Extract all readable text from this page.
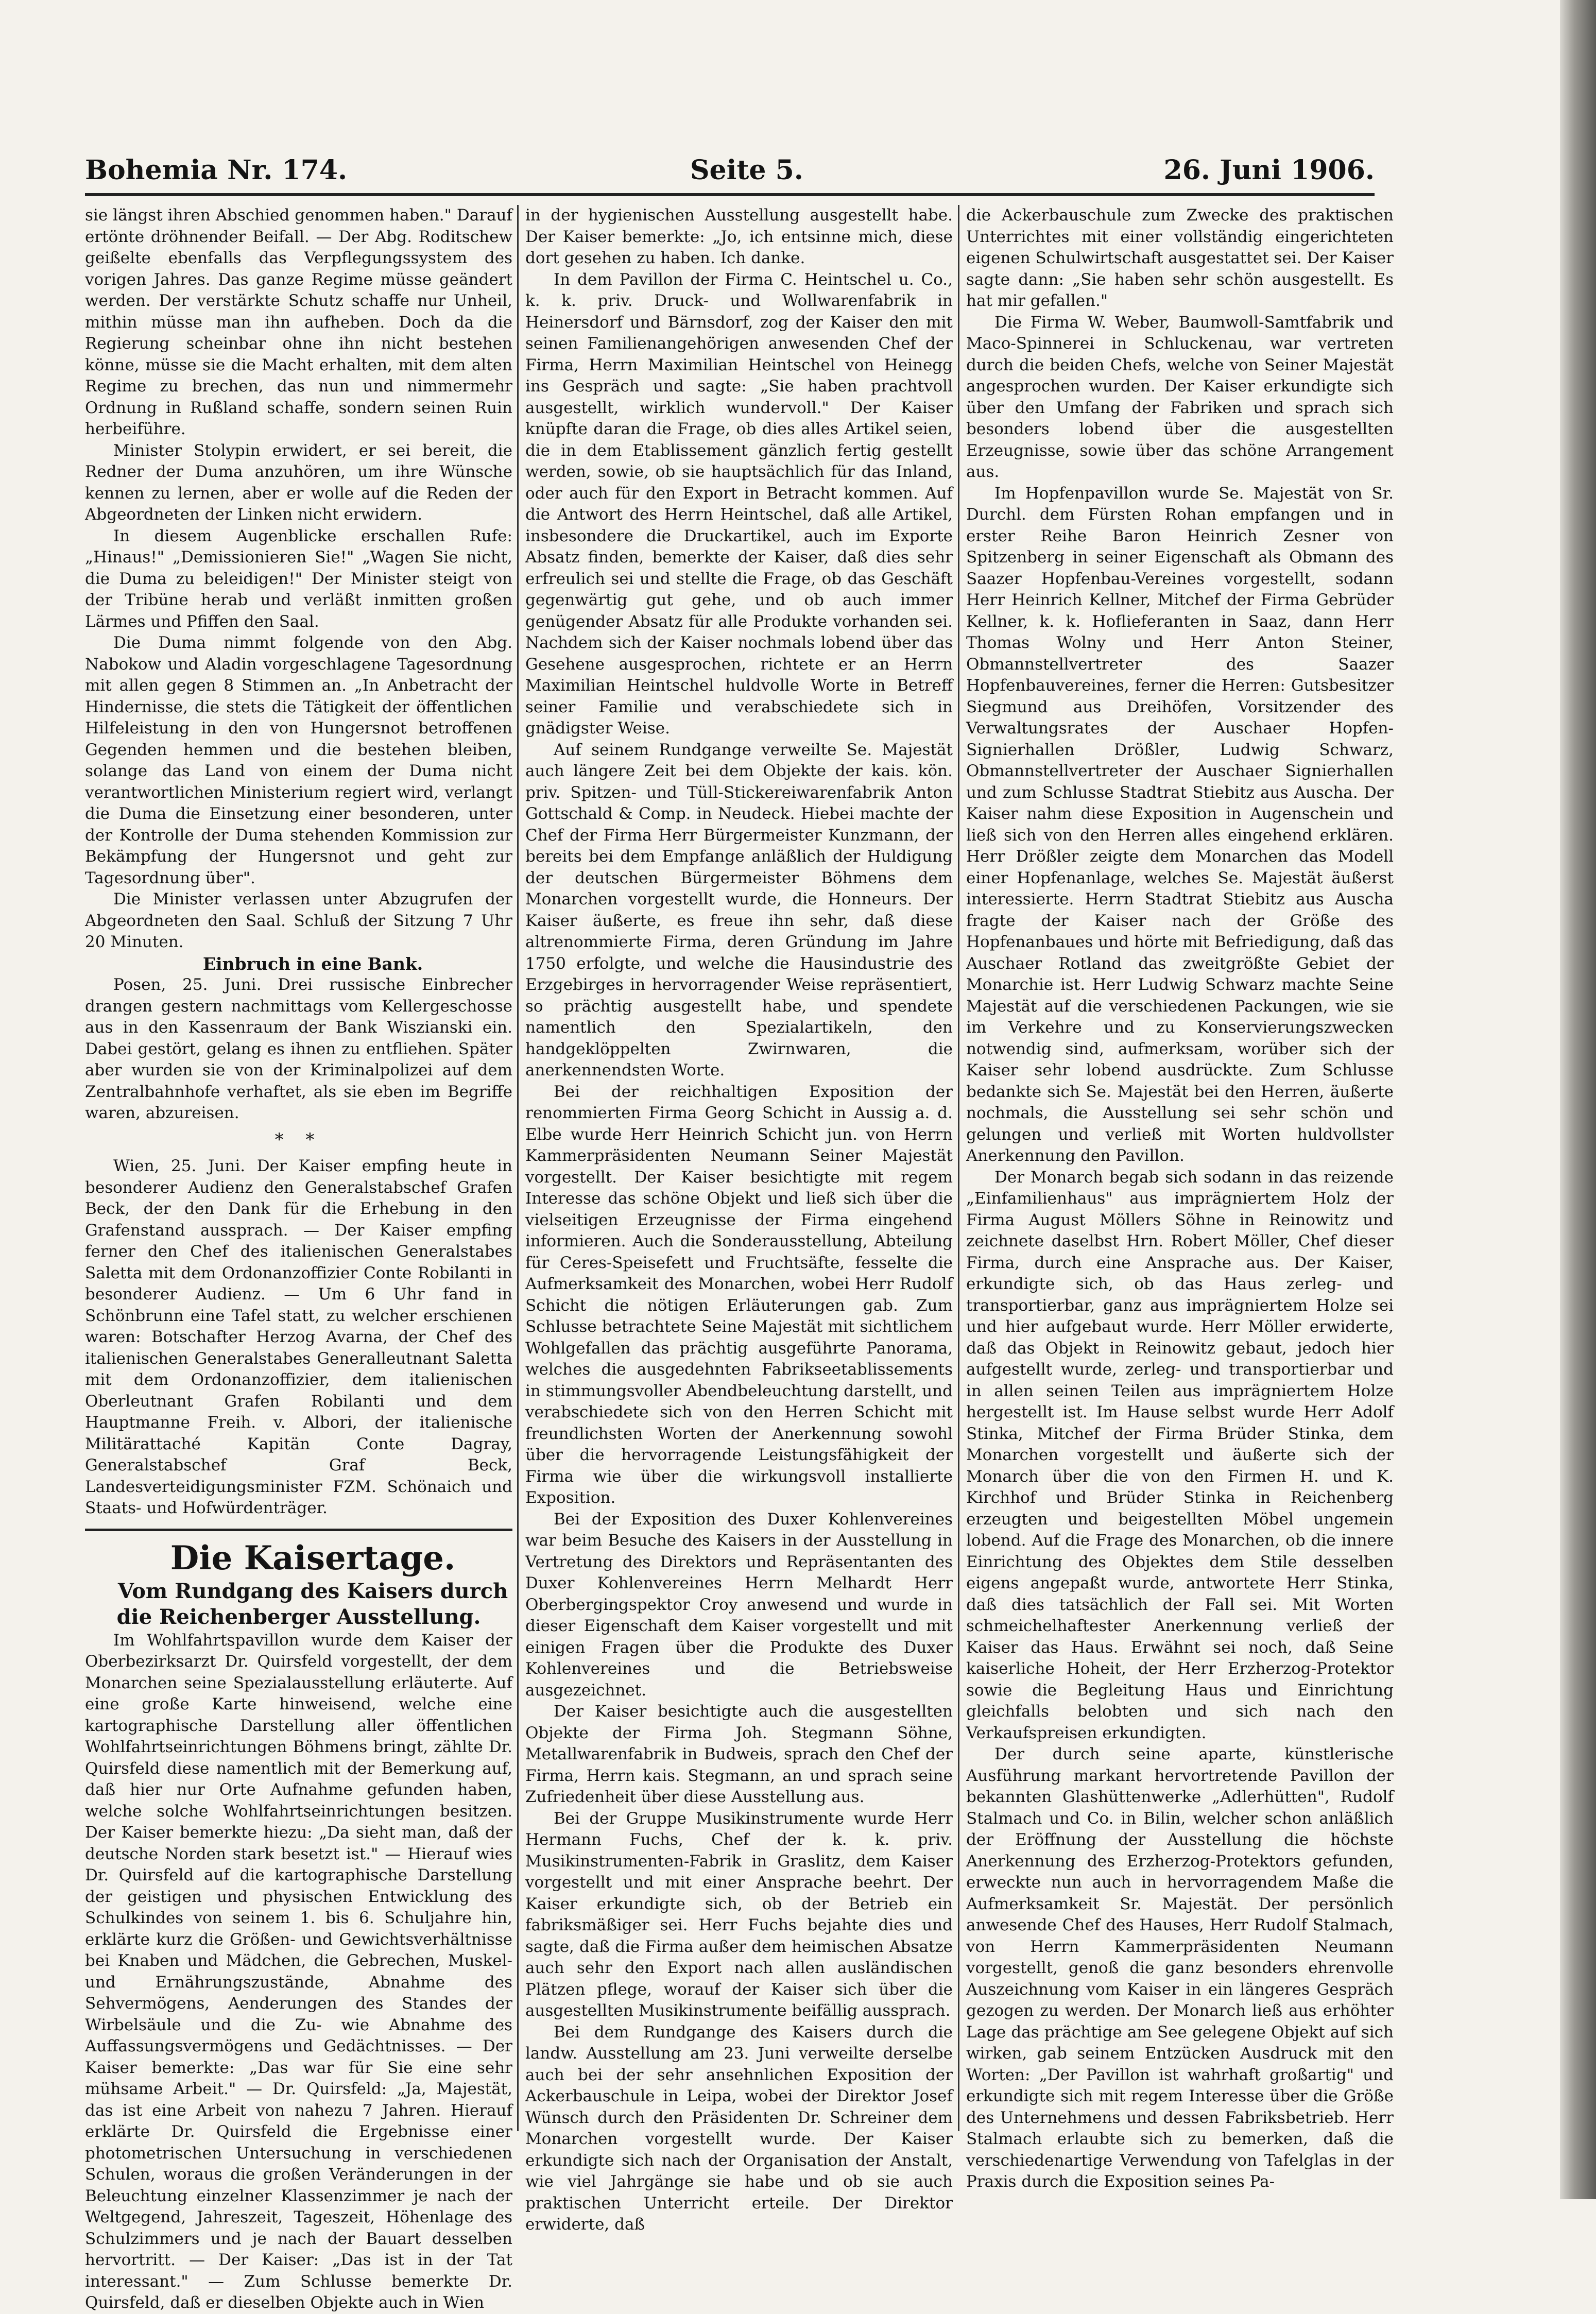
Bohemia Nr. 174.	Seite 5.	26. Juni 1906.

sie längst ihren Abschied genommen haben." Darauf ertönte dröhnender Beifall. — Der Abg. Roditschew geißelte ebenfalls das Verpflegungssystem des vorigen Jahres. Das ganze Regime müsse geändert werden. Der verstärkte Schutz schaffe nur Unheil, mithin müsse man ihn aufheben. Doch da die Regierung scheinbar ohne ihn nicht bestehen könne, müsse sie die Macht erhalten, mit dem alten Regime zu brechen, das nun und nimmermehr Ordnung in Rußland schaffe, sondern seinen Ruin herbeiführe.

Minister Stolypin erwidert, er sei bereit, die Redner der Duma anzuhören, um ihre Wünsche kennen zu lernen, aber er wolle auf die Reden der Abgeordneten der Linken nicht erwidern.

In diesem Augenblicke erschallen Rufe: „Hinaus!" „Demissionieren Sie!" „Wagen Sie nicht, die Duma zu beleidigen!" Der Minister steigt von der Tribüne herab und verläßt inmitten großen Lärmes und Pfiffen den Saal.

Die Duma nimmt folgende von den Abg. Nabokow und Aladin vorgeschlagene Tagesordnung mit allen gegen 8 Stimmen an. „In Anbetracht der Hindernisse, die stets die Tätigkeit der öffentlichen Hilfeleistung in den von Hungersnot betroffenen Gegenden hemmen und die bestehen bleiben, solange das Land von einem der Duma nicht verantwortlichen Ministerium regiert wird, verlangt die Duma die Einsetzung einer besonderen, unter der Kontrolle der Duma stehenden Kommission zur Bekämpfung der Hungersnot und geht zur Tagesordnung über".

Die Minister verlassen unter Abzugrufen der Abgeordneten den Saal. Schluß der Sitzung 7 Uhr 20 Minuten.

Einbruch in eine Bank.

Posen, 25. Juni. Drei russische Einbrecher drangen gestern nachmittags vom Kellergeschosse aus in den Kassenraum der Bank Wiszianski ein. Dabei gestört, gelang es ihnen zu entfliehen. Später aber wurden sie von der Kriminalpolizei auf dem Zentralbahnhofe verhaftet, als sie eben im Begriffe waren, abzureisen.

* *

Wien, 25. Juni. Der Kaiser empfing heute in besonderer Audienz den Generalstabschef Grafen Beck, der den Dank für die Erhebung in den Grafenstand aussprach. — Der Kaiser empfing ferner den Chef des italienischen Generalstabes Saletta mit dem Ordonanzoffizier Conte Robilanti in besonderer Audienz. — Um 6 Uhr fand in Schönbrunn eine Tafel statt, zu welcher erschienen waren: Botschafter Herzog Avarna, der Chef des italienischen Generalstabes Generalleutnant Saletta mit dem Ordonanzoffizier, dem italienischen Oberleutnant Grafen Robilanti und dem Hauptmanne Freih. v. Albori, der italienische Militärattaché Kapitän Conte Dagray, Generalstabschef Graf Beck, Landesverteidigungsminister FZM. Schönaich und Staats- und Hofwürdenträger.

Die Kaisertage.

Vom Rundgang des Kaisers durch die Reichenberger Ausstellung.

Im Wohlfahrtspavillon wurde dem Kaiser der Oberbezirksarzt Dr. Quirsfeld vorgestellt, der dem Monarchen seine Spezialausstellung erläuterte. Auf eine große Karte hinweisend, welche eine kartographische Darstellung aller öffentlichen Wohlfahrtseinrichtungen Böhmens bringt, zählte Dr. Quirsfeld diese namentlich mit der Bemerkung auf, daß hier nur Orte Aufnahme gefunden haben, welche solche Wohlfahrtseinrichtungen besitzen. Der Kaiser bemerkte hiezu: „Da sieht man, daß der deutsche Norden stark besetzt ist." — Hierauf wies Dr. Quirsfeld auf die kartographische Darstellung der geistigen und physischen Entwicklung des Schulkindes von seinem 1. bis 6. Schuljahre hin, erklärte kurz die Größen- und Gewichtsverhältnisse bei Knaben und Mädchen, die Gebrechen, Muskel- und Ernährungszustände, Abnahme des Sehvermögens, Aenderungen des Standes der Wirbelsäule und die Zu- wie Abnahme des Auffassungsvermögens und Gedächtnisses. — Der Kaiser bemerkte: „Das war für Sie eine sehr mühsame Arbeit." — Dr. Quirsfeld: „Ja, Majestät, das ist eine Arbeit von nahezu 7 Jahren. Hierauf erklärte Dr. Quirsfeld die Ergebnisse einer photometrischen Untersuchung in verschiedenen Schulen, woraus die großen Veränderungen in der Beleuchtung einzelner Klassenzimmer je nach der Weltgegend, Jahreszeit, Tageszeit, Höhenlage des Schulzimmers und je nach der Bauart desselben hervortritt. — Der Kaiser: „Das ist in der Tat interessant." — Zum Schlusse bemerkte Dr. Quirsfeld, daß er dieselben Objekte auch in Wien

in der hygienischen Ausstellung ausgestellt habe. Der Kaiser bemerkte: „Jo, ich entsinne mich, diese dort gesehen zu haben. Ich danke.

In dem Pavillon der Firma C. Heintschel u. Co., k. k. priv. Druck- und Wollwarenfabrik in Heinersdorf und Bärnsdorf, zog der Kaiser den mit seinen Familienangehörigen anwesenden Chef der Firma, Herrn Maximilian Heintschel von Heinegg ins Gespräch und sagte: „Sie haben prachtvoll ausgestellt, wirklich wundervoll." Der Kaiser knüpfte daran die Frage, ob dies alles Artikel seien, die in dem Etablissement gänzlich fertig gestellt werden, sowie, ob sie hauptsächlich für das Inland, oder auch für den Export in Betracht kommen. Auf die Antwort des Herrn Heintschel, daß alle Artikel, insbesondere die Druckartikel, auch im Exporte Absatz finden, bemerkte der Kaiser, daß dies sehr erfreulich sei und stellte die Frage, ob das Geschäft gegenwärtig gut gehe, und ob auch immer genügender Absatz für alle Produkte vorhanden sei. Nachdem sich der Kaiser nochmals lobend über das Gesehene ausgesprochen, richtete er an Herrn Maximilian Heintschel huldvolle Worte in Betreff seiner Familie und verabschiedete sich in gnädigster Weise.

Auf seinem Rundgange verweilte Se. Majestät auch längere Zeit bei dem Objekte der kais. kön. priv. Spitzen- und Tüll-Stickereiwarenfabrik Anton Gottschald & Comp. in Neudeck. Hiebei machte der Chef der Firma Herr Bürgermeister Kunzmann, der bereits bei dem Empfange anläßlich der Huldigung der deutschen Bürgermeister Böhmens dem Monarchen vorgestellt wurde, die Honneurs. Der Kaiser äußerte, es freue ihn sehr, daß diese altrenommierte Firma, deren Gründung im Jahre 1750 erfolgte, und welche die Hausindustrie des Erzgebirges in hervorragender Weise repräsentiert, so prächtig ausgestellt habe, und spendete namentlich den Spezialartikeln, den handgeklöppelten Zwirnwaren, die anerkennendsten Worte.

Bei der reichhaltigen Exposition der renommierten Firma Georg Schicht in Aussig a. d. Elbe wurde Herr Heinrich Schicht jun. von Herrn Kammerpräsidenten Neumann Seiner Majestät vorgestellt. Der Kaiser besichtigte mit regem Interesse das schöne Objekt und ließ sich über die vielseitigen Erzeugnisse der Firma eingehend informieren. Auch die Sonderausstellung, Abteilung für Ceres-Speisefett und Fruchtsäfte, fesselte die Aufmerksamkeit des Monarchen, wobei Herr Rudolf Schicht die nötigen Erläuterungen gab. Zum Schlusse betrachtete Seine Majestät mit sichtlichem Wohlgefallen das prächtig ausgeführte Panorama, welches die ausgedehnten Fabrikseetablissements in stimmungsvoller Abendbeleuchtung darstellt, und verabschiedete sich von den Herren Schicht mit freundlichsten Worten der Anerkennung sowohl über die hervorragende Leistungsfähigkeit der Firma wie über die wirkungsvoll installierte Exposition.

Bei der Exposition des Duxer Kohlenvereines war beim Besuche des Kaisers in der Ausstellung in Vertretung des Direktors und Repräsentanten des Duxer Kohlenvereines Herrn Melhardt Herr Oberbergingspektor Croy anwesend und wurde in dieser Eigenschaft dem Kaiser vorgestellt und mit einigen Fragen über die Produkte des Duxer Kohlenvereines und die Betriebsweise ausgezeichnet.

Der Kaiser besichtigte auch die ausgestellten Objekte der Firma Joh. Stegmann Söhne, Metallwarenfabrik in Budweis, sprach den Chef der Firma, Herrn kais. Stegmann, an und sprach seine Zufriedenheit über diese Ausstellung aus.

Bei der Gruppe Musikinstrumente wurde Herr Hermann Fuchs, Chef der k. k. priv. Musikinstrumenten-Fabrik in Graslitz, dem Kaiser vorgestellt und mit einer Ansprache beehrt. Der Kaiser erkundigte sich, ob der Betrieb ein fabriksmäßiger sei. Herr Fuchs bejahte dies und sagte, daß die Firma außer dem heimischen Absatze auch sehr den Export nach allen ausländischen Plätzen pflege, worauf der Kaiser sich über die ausgestellten Musikinstrumente beifällig aussprach.

Bei dem Rundgange des Kaisers durch die landw. Ausstellung am 23. Juni verweilte derselbe auch bei der sehr ansehnlichen Exposition der Ackerbauschule in Leipa, wobei der Direktor Josef Wünsch durch den Präsidenten Dr. Schreiner dem Monarchen vorgestellt wurde. Der Kaiser erkundigte sich nach der Organisation der Anstalt, wie viel Jahrgänge sie habe und ob sie auch praktischen Unterricht erteile. Der Direktor erwiderte, daß

die Ackerbauschule zum Zwecke des praktischen Unterrichtes mit einer vollständig eingerichteten eigenen Schulwirtschaft ausgestattet sei. Der Kaiser sagte dann: „Sie haben sehr schön ausgestellt. Es hat mir gefallen."

Die Firma W. Weber, Baumwoll-Samtfabrik und Maco-Spinnerei in Schluckenau, war vertreten durch die beiden Chefs, welche von Seiner Majestät angesprochen wurden. Der Kaiser erkundigte sich über den Umfang der Fabriken und sprach sich besonders lobend über die ausgestellten Erzeugnisse, sowie über das schöne Arrangement aus.

Im Hopfenpavillon wurde Se. Majestät von Sr. Durchl. dem Fürsten Rohan empfangen und in erster Reihe Baron Heinrich Zesner von Spitzenberg in seiner Eigenschaft als Obmann des Saazer Hopfenbau-Vereines vorgestellt, sodann Herr Heinrich Kellner, Mitchef der Firma Gebrüder Kellner, k. k. Hoflieferanten in Saaz, dann Herr Thomas Wolny und Herr Anton Steiner, Obmannstellvertreter des Saazer Hopfenbauvereines, ferner die Herren: Gutsbesitzer Siegmund aus Dreihöfen, Vorsitzender des Verwaltungsrates der Auschaer Hopfen-Signierhallen Drößler, Ludwig Schwarz, Obmannstellvertreter der Auschaer Signierhallen und zum Schlusse Stadtrat Stiebitz aus Auscha. Der Kaiser nahm diese Exposition in Augenschein und ließ sich von den Herren alles eingehend erklären. Herr Drößler zeigte dem Monarchen das Modell einer Hopfenanlage, welches Se. Majestät äußerst interessierte. Herrn Stadtrat Stiebitz aus Auscha fragte der Kaiser nach der Größe des Hopfenanbaues und hörte mit Befriedigung, daß das Auschaer Rotland das zweitgrößte Gebiet der Monarchie ist. Herr Ludwig Schwarz machte Seine Majestät auf die verschiedenen Packungen, wie sie im Verkehre und zu Konservierungszwecken notwendig sind, aufmerksam, worüber sich der Kaiser sehr lobend ausdrückte. Zum Schlusse bedankte sich Se. Majestät bei den Herren, äußerte nochmals, die Ausstellung sei sehr schön und gelungen und verließ mit Worten huldvollster Anerkennung den Pavillon.

Der Monarch begab sich sodann in das reizende „Einfamilienhaus" aus imprägniertem Holz der Firma August Möllers Söhne in Reinowitz und zeichnete daselbst Hrn. Robert Möller, Chef dieser Firma, durch eine Ansprache aus. Der Kaiser, erkundigte sich, ob das Haus zerleg- und transportierbar, ganz aus imprägniertem Holze sei und hier aufgebaut wurde. Herr Möller erwiderte, daß das Objekt in Reinowitz gebaut, jedoch hier aufgestellt wurde, zerleg- und transportierbar und in allen seinen Teilen aus imprägniertem Holze hergestellt ist. Im Hause selbst wurde Herr Adolf Stinka, Mitchef der Firma Brüder Stinka, dem Monarchen vorgestellt und äußerte sich der Monarch über die von den Firmen H. und K. Kirchhof und Brüder Stinka in Reichenberg erzeugten und beigestellten Möbel ungemein lobend. Auf die Frage des Monarchen, ob die innere Einrichtung des Objektes dem Stile desselben eigens angepaßt wurde, antwortete Herr Stinka, daß dies tatsächlich der Fall sei. Mit Worten schmeichelhaftester Anerkennung verließ der Kaiser das Haus. Erwähnt sei noch, daß Seine kaiserliche Hoheit, der Herr Erzherzog-Protektor sowie die Begleitung Haus und Einrichtung gleichfalls belobten und sich nach den Verkaufspreisen erkundigten.

Der durch seine aparte, künstlerische Ausführung markant hervortretende Pavillon der bekannten Glashüttenwerke „Adlerhütten", Rudolf Stalmach und Co. in Bilin, welcher schon anläßlich der Eröffnung der Ausstellung die höchste Anerkennung des Erzherzog-Protektors gefunden, erweckte nun auch in hervorragendem Maße die Aufmerksamkeit Sr. Majestät. Der persönlich anwesende Chef des Hauses, Herr Rudolf Stalmach, von Herrn Kammerpräsidenten Neumann vorgestellt, genoß die ganz besonders ehrenvolle Auszeichnung vom Kaiser in ein längeres Gespräch gezogen zu werden. Der Monarch ließ aus erhöhter Lage das prächtige am See gelegene Objekt auf sich wirken, gab seinem Entzücken Ausdruck mit den Worten: „Der Pavillon ist wahrhaft großartig" und erkundigte sich mit regem Interesse über die Größe des Unternehmens und dessen Fabriksbetrieb. Herr Stalmach erlaubte sich zu bemerken, daß die verschiedenartige Verwendung von Tafelglas in der Praxis durch die Exposition seines Pa-
